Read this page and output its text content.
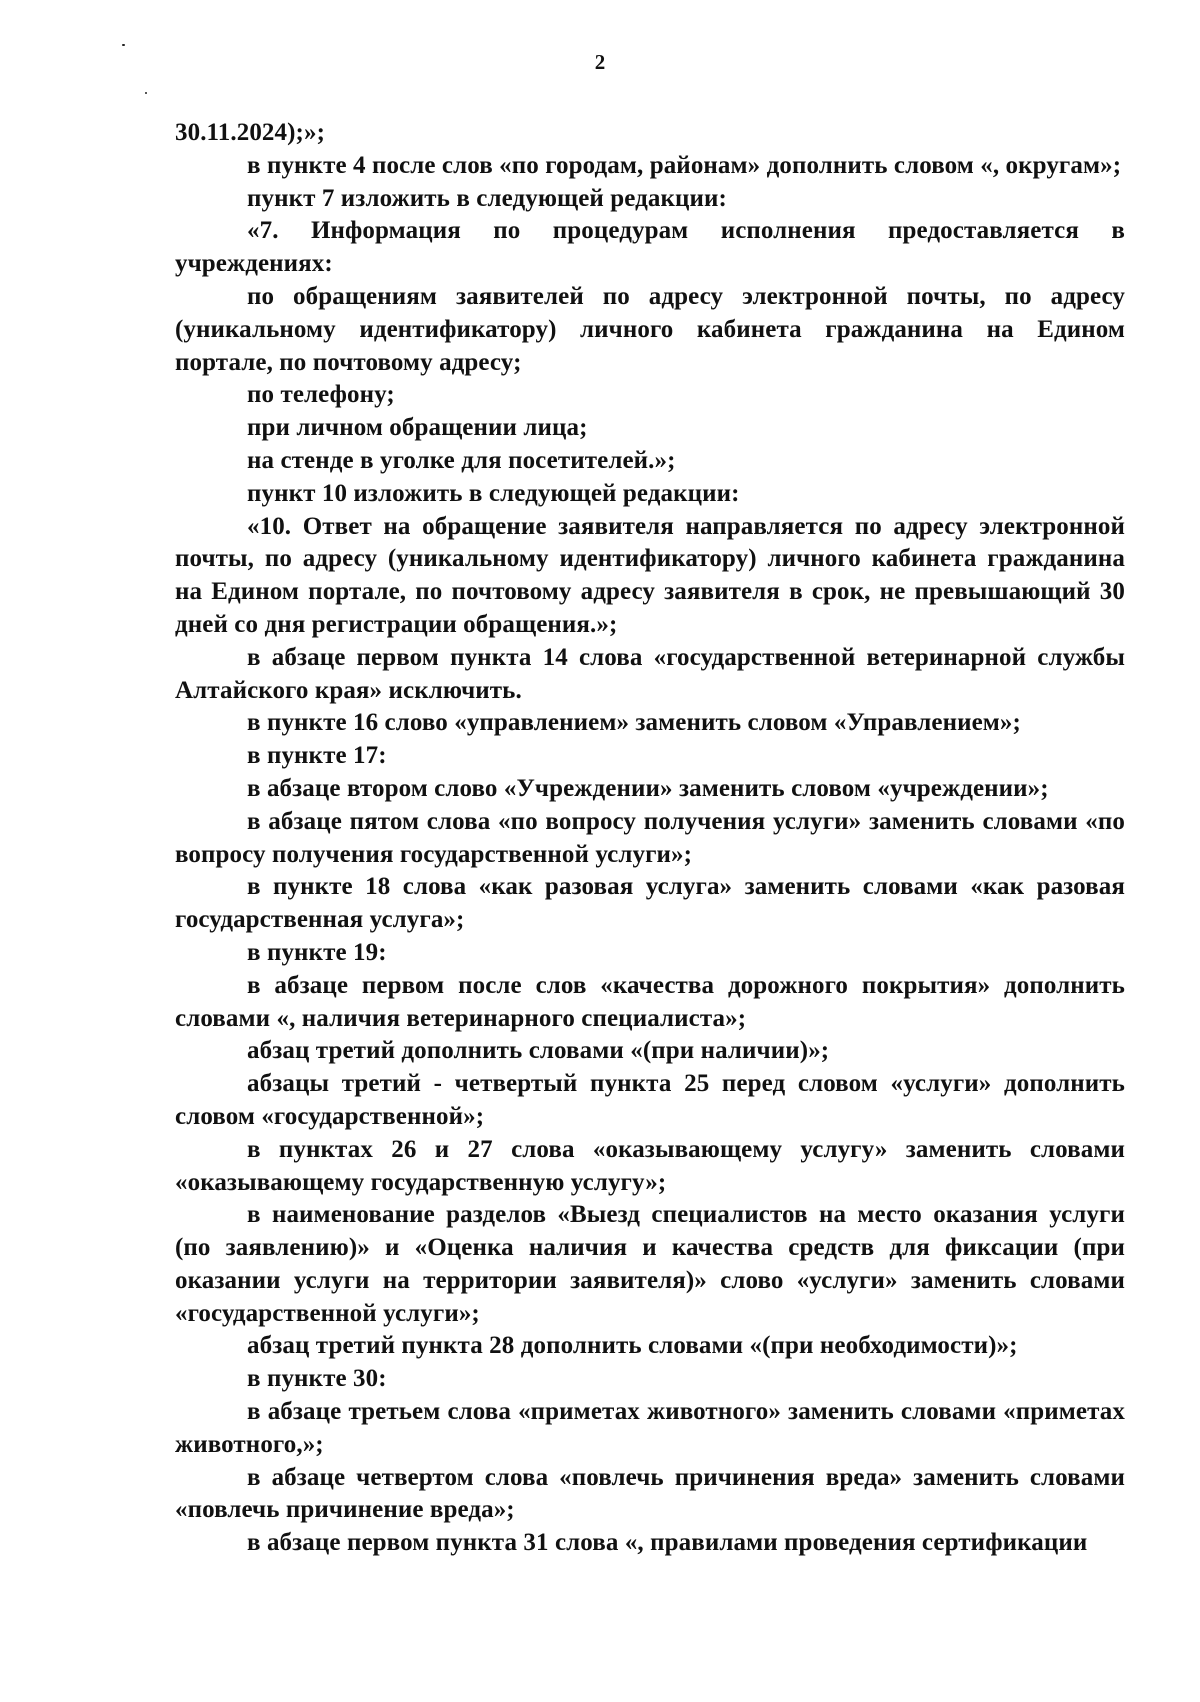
2

30.11.2024);»;

в пункте 4 после слов «по городам, районам» дополнить словом «, округам»;

пункт 7 изложить в следующей редакции:

«7. Информация по процедурам исполнения предоставляется в учреждениях:

по обращениям заявителей по адресу электронной почты, по адресу (уникальному идентификатору) личного кабинета гражданина на Едином портале, по почтовому адресу;

по телефону;

при личном обращении лица;

на стенде в уголке для посетителей.»;

пункт 10 изложить в следующей редакции:

«10. Ответ на обращение заявителя направляется по адресу электронной почты, по адресу (уникальному идентификатору) личного кабинета гражданина на Едином портале, по почтовому адресу заявителя в срок, не превышающий 30 дней со дня регистрации обращения.»;

в абзаце первом пункта 14 слова «государственной ветеринарной службы Алтайского края» исключить.

в пункте 16 слово «управлением» заменить словом «Управлением»;

в пункте 17:

в абзаце втором слово «Учреждении» заменить словом «учреждении»;

в абзаце пятом слова «по вопросу получения услуги» заменить словами «по вопросу получения государственной услуги»;

в пункте 18 слова «как разовая услуга» заменить словами «как разовая государственная услуга»;

в пункте 19:

в абзаце первом после слов «качества дорожного покрытия» дополнить словами «, наличия ветеринарного специалиста»;

абзац третий дополнить словами «(при наличии)»;

абзацы третий - четвертый пункта 25 перед словом «услуги» дополнить словом «государственной»;

в пунктах 26 и 27 слова «оказывающему услугу» заменить словами «оказывающему государственную услугу»;

в наименование разделов «Выезд специалистов на место оказания услуги (по заявлению)» и «Оценка наличия и качества средств для фиксации (при оказании услуги на территории заявителя)» слово «услуги» заменить словами «государственной услуги»;

абзац третий пункта 28 дополнить словами «(при необходимости)»;

в пункте 30:

в абзаце третьем слова «приметах животного» заменить словами «приметах животного,»;

в абзаце четвертом слова «повлечь причинения вреда» заменить словами «повлечь причинение вреда»;

в абзаце первом пункта 31 слова «, правилами проведения сертификации
